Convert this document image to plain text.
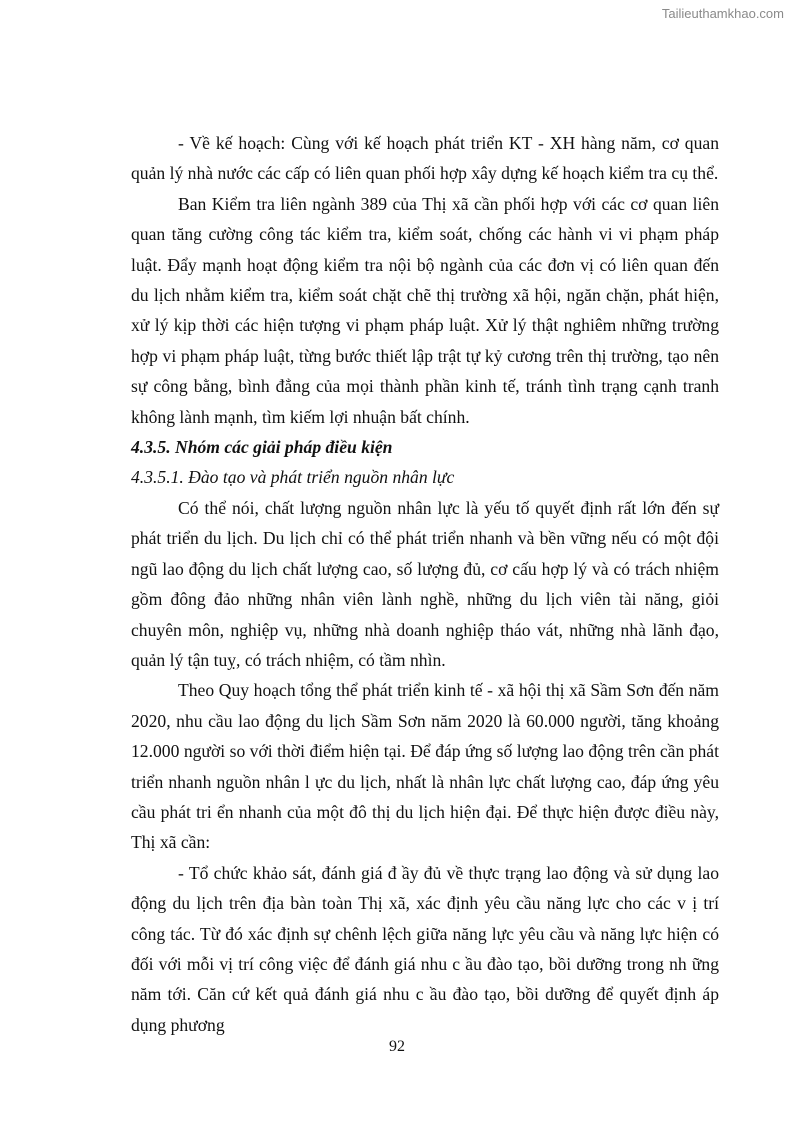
Tailieuthamkhao.com

- Về kế hoạch: Cùng với kế hoạch phát triển KT - XH hàng năm, cơ quan quản lý nhà nước các cấp có liên quan phối hợp xây dựng kế hoạch kiểm tra cụ thể.

Ban Kiểm tra liên ngành 389 của Thị xã cần phối hợp với các cơ quan liên quan tăng cường công tác kiểm tra, kiểm soát, chống các hành vi vi phạm pháp luật. Đẩy mạnh hoạt động kiểm tra nội bộ ngành của các đơn vị có liên quan đến du lịch nhằm kiểm tra, kiểm soát chặt chẽ thị trường xã hội, ngăn chặn, phát hiện, xử lý kịp thời các hiện tượng vi phạm pháp luật. Xử lý thật nghiêm những trường hợp vi phạm pháp luật, từng bước thiết lập trật tự kỷ cương trên thị trường, tạo nên sự công bằng, bình đẳng của mọi thành phần kinh tế, tránh tình trạng cạnh tranh không lành mạnh, tìm kiếm lợi nhuận bất chính.

4.3.5. Nhóm các giải pháp điều kiện

4.3.5.1. Đào tạo và phát triển nguồn nhân lực

Có thể nói, chất lượng nguồn nhân lực là yếu tố quyết định rất lớn đến sự phát triển du lịch. Du lịch chỉ có thể phát triển nhanh và bền vững nếu có một đội ngũ lao động du lịch chất lượng cao, số lượng đủ, cơ cấu hợp lý và có trách nhiệm gồm đông đảo những nhân viên lành nghề, những du lịch viên tài năng, giỏi chuyên môn, nghiệp vụ, những nhà doanh nghiệp tháo vát, những nhà lãnh đạo, quản lý tận tuỵ, có trách nhiệm, có tầm nhìn.

Theo Quy hoạch tổng thể phát triển kinh tế - xã hội thị xã Sầm Sơn đến năm 2020, nhu cầu lao động du lịch Sầm Sơn năm 2020 là 60.000 người, tăng khoảng 12.000 người so với thời điểm hiện tại. Để đáp ứng số lượng lao động trên cần phát triển nhanh nguồn nhân l ực du lịch, nhất là nhân lực chất lượng cao, đáp ứng yêu cầu phát tri ển nhanh của một đô thị du lịch hiện đại. Để thực hiện được điều này, Thị xã cần:

- Tổ chức khảo sát, đánh giá đ ầy đủ về thực trạng lao động và sử dụng lao động du lịch trên địa bàn toàn Thị xã, xác định yêu cầu năng lực cho các v ị trí công tác. Từ đó xác định sự chênh lệch giữa năng lực yêu cầu và năng lực hiện có đối với mỗi vị trí công việc để đánh giá nhu c ầu đào tạo, bồi dưỡng trong nh ững năm tới. Căn cứ kết quả đánh giá nhu c ầu đào tạo, bồi dưỡng để quyết định áp dụng phương

92
